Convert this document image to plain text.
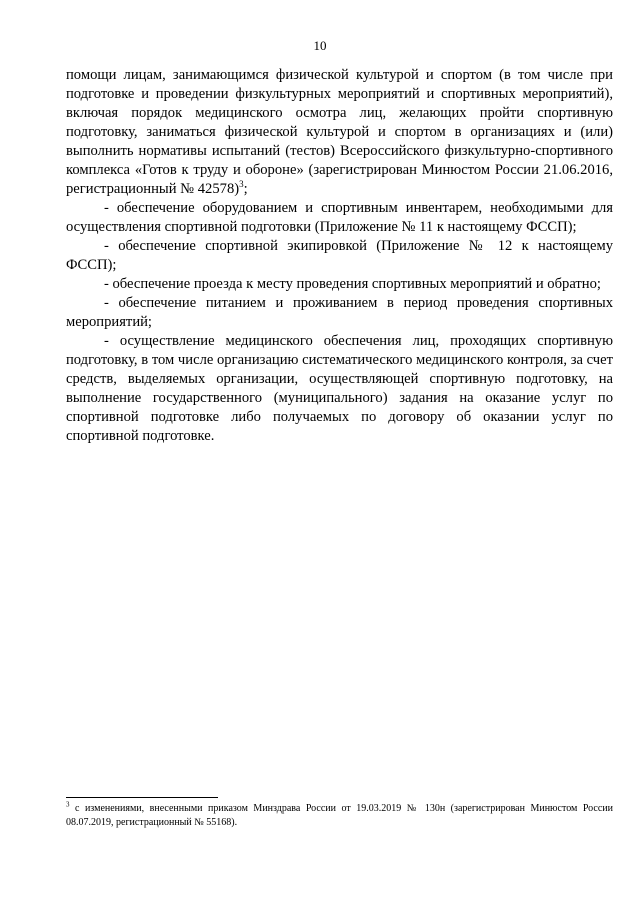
10

помощи лицам, занимающимся физической культурой и спортом (в том числе при подготовке и проведении физкультурных мероприятий и спортивных мероприятий), включая порядок медицинского осмотра лиц, желающих пройти спортивную подготовку, заниматься физической культурой и спортом в организациях и (или) выполнить нормативы испытаний (тестов) Всероссийского физкультурно-спортивного комплекса «Готов к труду и обороне» (зарегистрирован Минюстом России 21.06.2016, регистрационный № 42578)$^3$;

- обеспечение оборудованием и спортивным инвентарем, необходимыми для осуществления спортивной подготовки (Приложение № 11 к настоящему ФССП);

- обеспечение спортивной экипировкой (Приложение № 12 к настоящему ФССП);

- обеспечение проезда к месту проведения спортивных мероприятий и обратно;

- обеспечение питанием и проживанием в период проведения спортивных мероприятий;

- осуществление медицинского обеспечения лиц, проходящих спортивную подготовку, в том числе организацию систематического медицинского контроля, за счет средств, выделяемых организации, осуществляющей спортивную подготовку, на выполнение государственного (муниципального) задания на оказание услуг по спортивной подготовке либо получаемых по договору об оказании услуг по спортивной подготовке.

$^3$ с изменениями, внесенными приказом Минздрава России от 19.03.2019 № 130н (зарегистрирован Минюстом России 08.07.2019, регистрационный № 55168).
